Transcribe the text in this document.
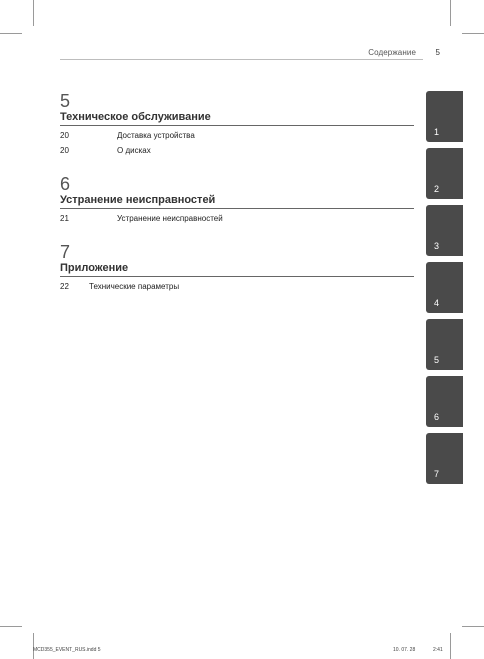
Содержание 5
5
Техническое обслуживание
20	Доставка устройства
20	О дисках
6
Устранение неисправностей
21	Устранение неисправностей
7
Приложение
22	Технические параметры
1
2
3
4
5
6
7
MCD355_EVENT_RUS.indd 5	10. 07. 28	2:41
